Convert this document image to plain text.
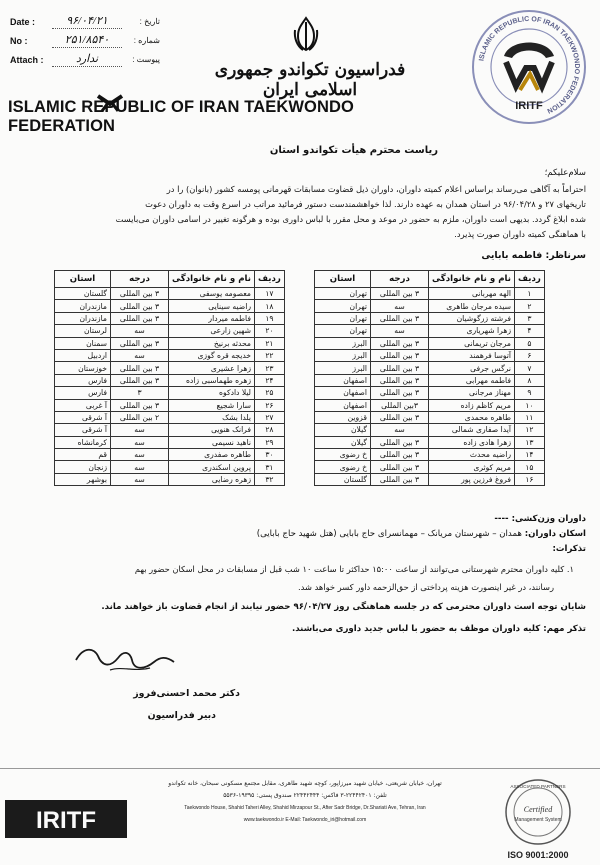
Date :	۹۶/۰۴/۲۱	تاریخ :
No :	۲۵۱/۸۵۴۰	شماره :
Attach :	ندارد	پیوست :
فدراسیون تکواندو جمهوری اسلامی ایران
ISLAMIC REPUBLIC OF IRAN TAEKWONDO FEDERATION
ISLAMIC REPUBLIC OF IRAN TAEKWONDO FEDERATION
IRITF
ریاست محترم هیأت تکواندو استان
سلام‌علیکم؛
احتراماً به آگاهی می‌رساند براساس اعلام کمیته داوران، داوران ذیل قضاوت مسابقات قهرمانی پومسه کشور (بانوان) را در
تاریخهای ۲۷ و ۹۶/۰۴/۲۸ در استان همدان به عهده دارند. لذا خواهشمندست دستور فرمائید مراتب در اسرع وقت به داوران دعوت
شده ابلاغ گردد. بدیهی است داوران، ملزم به حضور در موعد و محل مقرر با لباس داوری بوده و هرگونه تغییر در اسامی داوران می‌بایست
با هماهنگی کمیته داوران صورت پذیرد.
سرناظر: فاطمه بابایی
ردیف	نام و نام خانوادگی	درجه	استان
۱	الهه مهربانی	۳ بین المللی	تهران
۲	سیده مرجان طاهری	سه	تهران
۳	فرشته زرگوشیان	۳ بین المللی	تهران
۴	زهرا شهریاری	سه	تهران
۵	مرجان تریمانی	۳ بین المللی	البرز
۶	آتوسا فرهمند	۳ بین المللی	البرز
۷	نرگس جرفی	۳ بین المللی	البرز
۸	فاطمه مهرابی	۳ بین المللی	اصفهان
۹	مهناز مرجانی	۳ بین المللی	اصفهان
۱۰	مریم کاظم زاده	۳بین المللی	اصفهان
۱۱	طاهره محمدی	۳ بین المللی	قزوین
۱۲	آیدا صفاری شمالی	سه	گیلان
۱۳	زهرا هادی زاده	۳ بین المللی	گیلان
۱۴	راضیه محدث	۳ بین المللی	خ رضوی
۱۵	مریم کوثری	۳ بین المللی	خ رضوی
۱۶	فروغ فرزین پور	۳ بین المللی	گلستان
ردیف	نام و نام خانوادگی	درجه	استان
۱۷	معصومه یوسفی	۳ بین المللی	گلستان
۱۸	راضیه سینایی	۳ بین المللی	مازندران
۱۹	فاطمه میردار	۳ بین المللی	مازندران
۲۰	شهین زارعی	سه	لرستان
۲۱	محدثه برنیخ	۳ بین المللی	سمنان
۲۲	خدیجه قره گوزی	سه	اردبیل
۲۳	زهرا عشیری	۳ بین المللی	خوزستان
۲۴	زهره طهماسبی زاده	۳ بین المللی	فارس
۲۵	لیلا دادکوه	۳	فارس
۲۶	سارا شجیع	۳ بین المللی	آ غربی
۲۷	یلدا بشک	۲ بین المللی	آ شرقی
۲۸	فرانک هنویی	سه	آ شرقی
۲۹	ناهید نسیمی	سه	کرمانشاه
۳۰	طاهره صفدری	سه	قم
۳۱	پروین اسکندری	سه	زنجان
۳۲	زهره رضایی	سه	بوشهر
داوران وزن‌کشی: ----
اسکان داوران: همدان – شهرستان مریانک – مهمانسرای حاج بابایی (هتل شهید حاج بابایی)
تذکرات:
۱. کلیه داوران محترم شهرستانی می‌توانند از ساعت ۱۵:۰۰ حداکثر تا ساعت ۱۰ شب قبل از مسابقات در محل اسکان حضور بهم
رسانند، در غیر اینصورت هزینه پرداختی از حق‌الزحمه داور کسر خواهد شد.
شایان توجه است داوران محترمی که در جلسه هماهنگی روز ۹۶/۰۴/۲۷ حضور نیابند از انجام قضاوت باز خواهند ماند.
تذکر مهم: کلیه داوران موظف به حضور با لباس جدید داوری می‌باشند.
دکتر محمد احسنی‌فروز
دبیر فدراسیون
IRITF
تهران، خیابان شریعتی، خیابان شهید میرزاپور، کوچه شهید طاهری، مقابل مجتمع مسکونی سبحان، خانه تکواندو
تلفن: ۲۲۴۴۲۴۰۱-۳ فاکس: ۲۲۴۴۲۴۴۴ صندوق پستی: ۱۹۳۹۵-۵۵۳۶
Taekwondo House, Shahid Taheri Alley, Shahid Mirzapour St., After Sadr Bridge, Dr.Shariati Ave, Tehran, Iran
www.taekwondo.ir E-Mail: Taekwondo_iri@hotmail.com
ASSOCIATED PARTNERS
Certified
Management System
ISO 9001:2000
